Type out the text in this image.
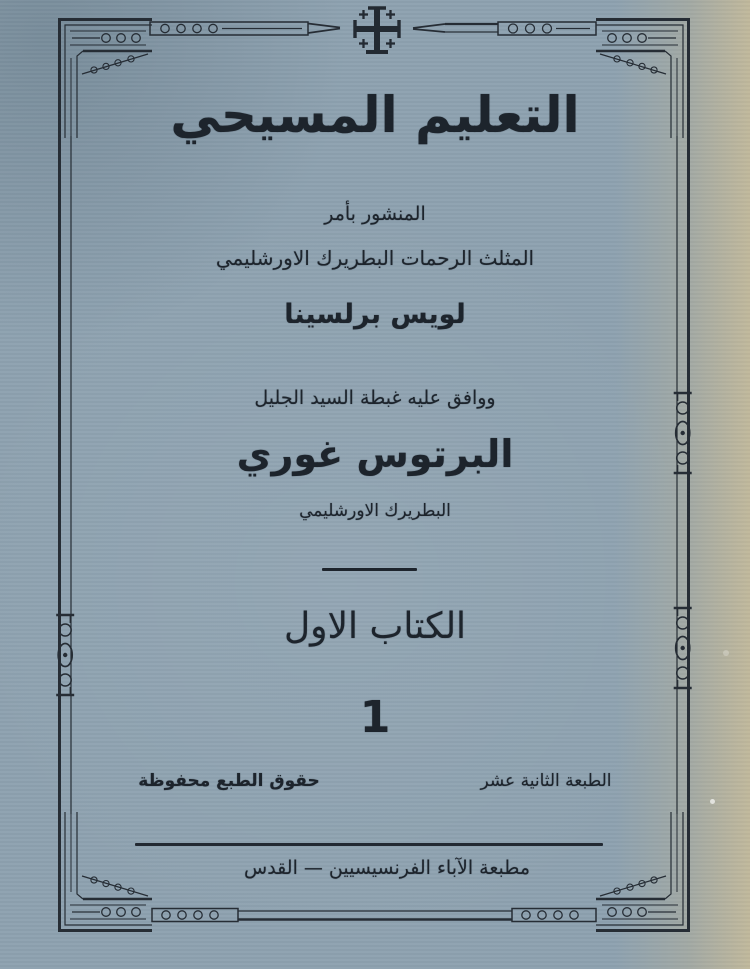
التعليم المسيحي
المنشور بأمر
المثلث الرحمات البطريرك الاورشليمي
لويس برلسينا
ووافق عليه غبطة السيد الجليل
البرتوس غوري
البطريرك الاورشليمي
الكتاب الاول
1
الطبعة الثانية عشر
حقوق الطبع محفوظة
مطبعة الآباء الفرنسيسيين — القدس
